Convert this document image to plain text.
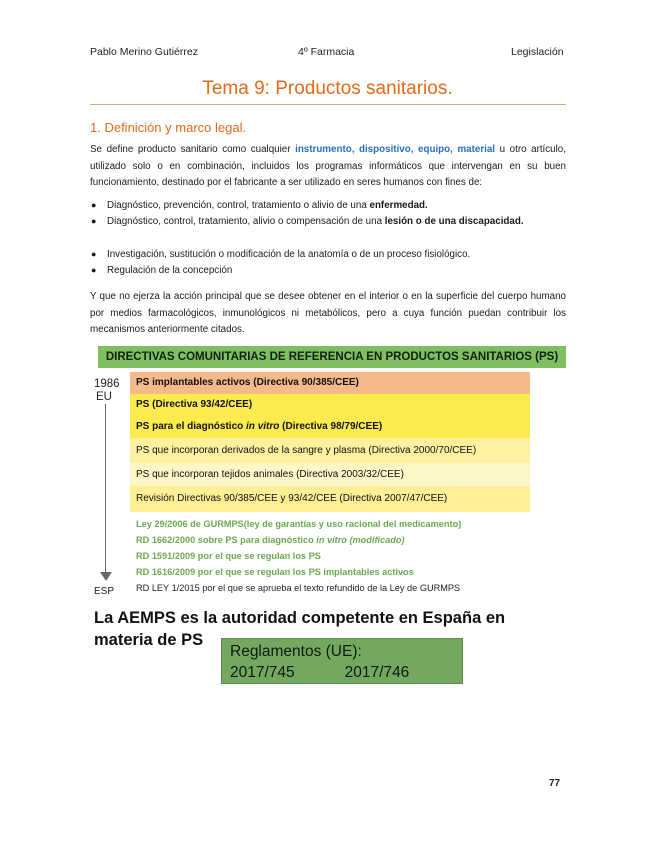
Pablo Merino Gutiérrez	4º Farmacia	Legislación
Tema 9: Productos sanitarios.
1. Definición y marco legal.
Se define producto sanitario como cualquier instrumento, dispositivo, equipo, material u otro artículo, utilizado solo o en combinación, incluidos los programas informáticos que intervengan en su buen funcionamiento, destinado por el fabricante a ser utilizado en seres humanos con fines de:
● Diagnóstico, prevención, control, tratamiento o alivio de una enfermedad.
● Diagnóstico, control, tratamiento, alivio o compensación de una lesión o de una discapacidad.
● Investigación, sustitución o modificación de la anatomía o de un proceso fisiológico.
● Regulación de la concepción
Y que no ejerza la acción principal que se desee obtener en el interior o en la superficie del cuerpo humano por medios farmacológicos, inmunológicos ni metabólicos, pero a cuya función puedan contribuir los mecanismos anteriormente citados.
DIRECTIVAS COMUNITARIAS DE REFERENCIA EN PRODUCTOS SANITARIOS (PS)
1986
EU
ESP
PS implantables activos (Directiva 90/385/CEE)
PS (Directiva 93/42/CEE)
PS para el diagnóstico in vitro (Directiva 98/79/CEE)
PS que incorporan derivados de la sangre y plasma (Directiva 2000/70/CEE)
PS que incorporan tejidos animales (Directiva 2003/32/CEE)
Revisión Directivas 90/385/CEE y 93/42/CEE (Directiva 2007/47/CEE)
Ley 29/2006 de GURMPS(ley de garantías y uso racional del medicamento)
RD 1662/2000 sobre PS para diagnóstico in vitro (modificado)
RD 1591/2009 por el que se regulan los PS
RD 1616/2009 por el que se regulan los PS implantables activos
RD LEY 1/2015 por el que se aprueba el texto refundido de la Ley de GURMPS
La AEMPS es la autoridad competente en España en
materia de PS
Reglamentos (UE):
2017/745	2017/746
77
